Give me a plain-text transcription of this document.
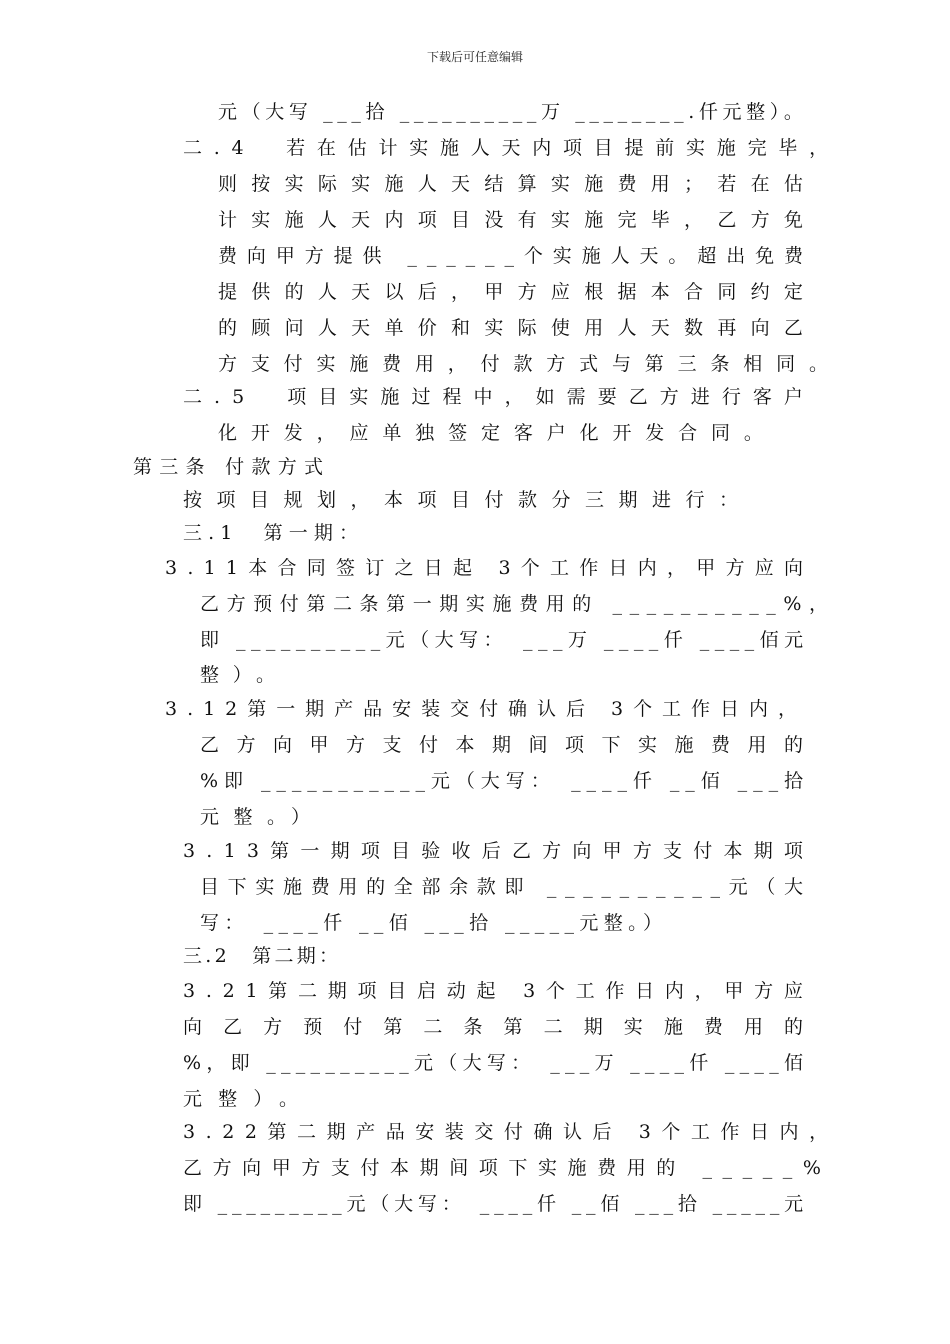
下载后可任意编辑
元（大写 ___拾 __________万 ________.仟元整）。
二.4　若在估计实施人天内项目提前实施完毕，
则按实际实施人天结算实施费用；若在估
计实施人天内项目没有实施完毕，乙方免
费向甲方提供 ______个实施人天。超出免费
提供的人天以后，甲方应根据本合同约定
的顾问人天单价和实际使用人天数再向乙
方支付实施费用，付款方式与第三条相同。
二.5　项目实施过程中，如需要乙方进行客户
化开发，应单独签定客户化开发合同。
第三条 付款方式
按项目规划，本项目付款分三期进行：
三.1　第一期：
3.11本合同签订之日起 3个工作日内，甲方应向
乙方预付第二条第一期实施费用的 __________%，
即 __________元（大写：　___万 ____仟 ____佰元
整）。
3.12第一期产品安装交付确认后 3个工作日内，
乙方向甲方支付本期间项下实施费用的
%即 ___________元（大写：　____仟 __佰 ___拾
元整。）
3.13第一期项目验收后乙方向甲方支付本期项
目下实施费用的全部余款即 __________元（大
写：　____仟 __佰 ___拾 _____元整。）
三.2　第二期：
3.21第二期项目启动起 3个工作日内，甲方应
向乙方预付第二条第二期实施费用的
%，即 __________元（大写：　___万 ____仟 ____佰
元整）。
3.22第二期产品安装交付确认后 3个工作日内，
乙方向甲方支付本期间项下实施费用的 _____%
即 _________元（大写：　____仟 __佰 ___拾 _____元
